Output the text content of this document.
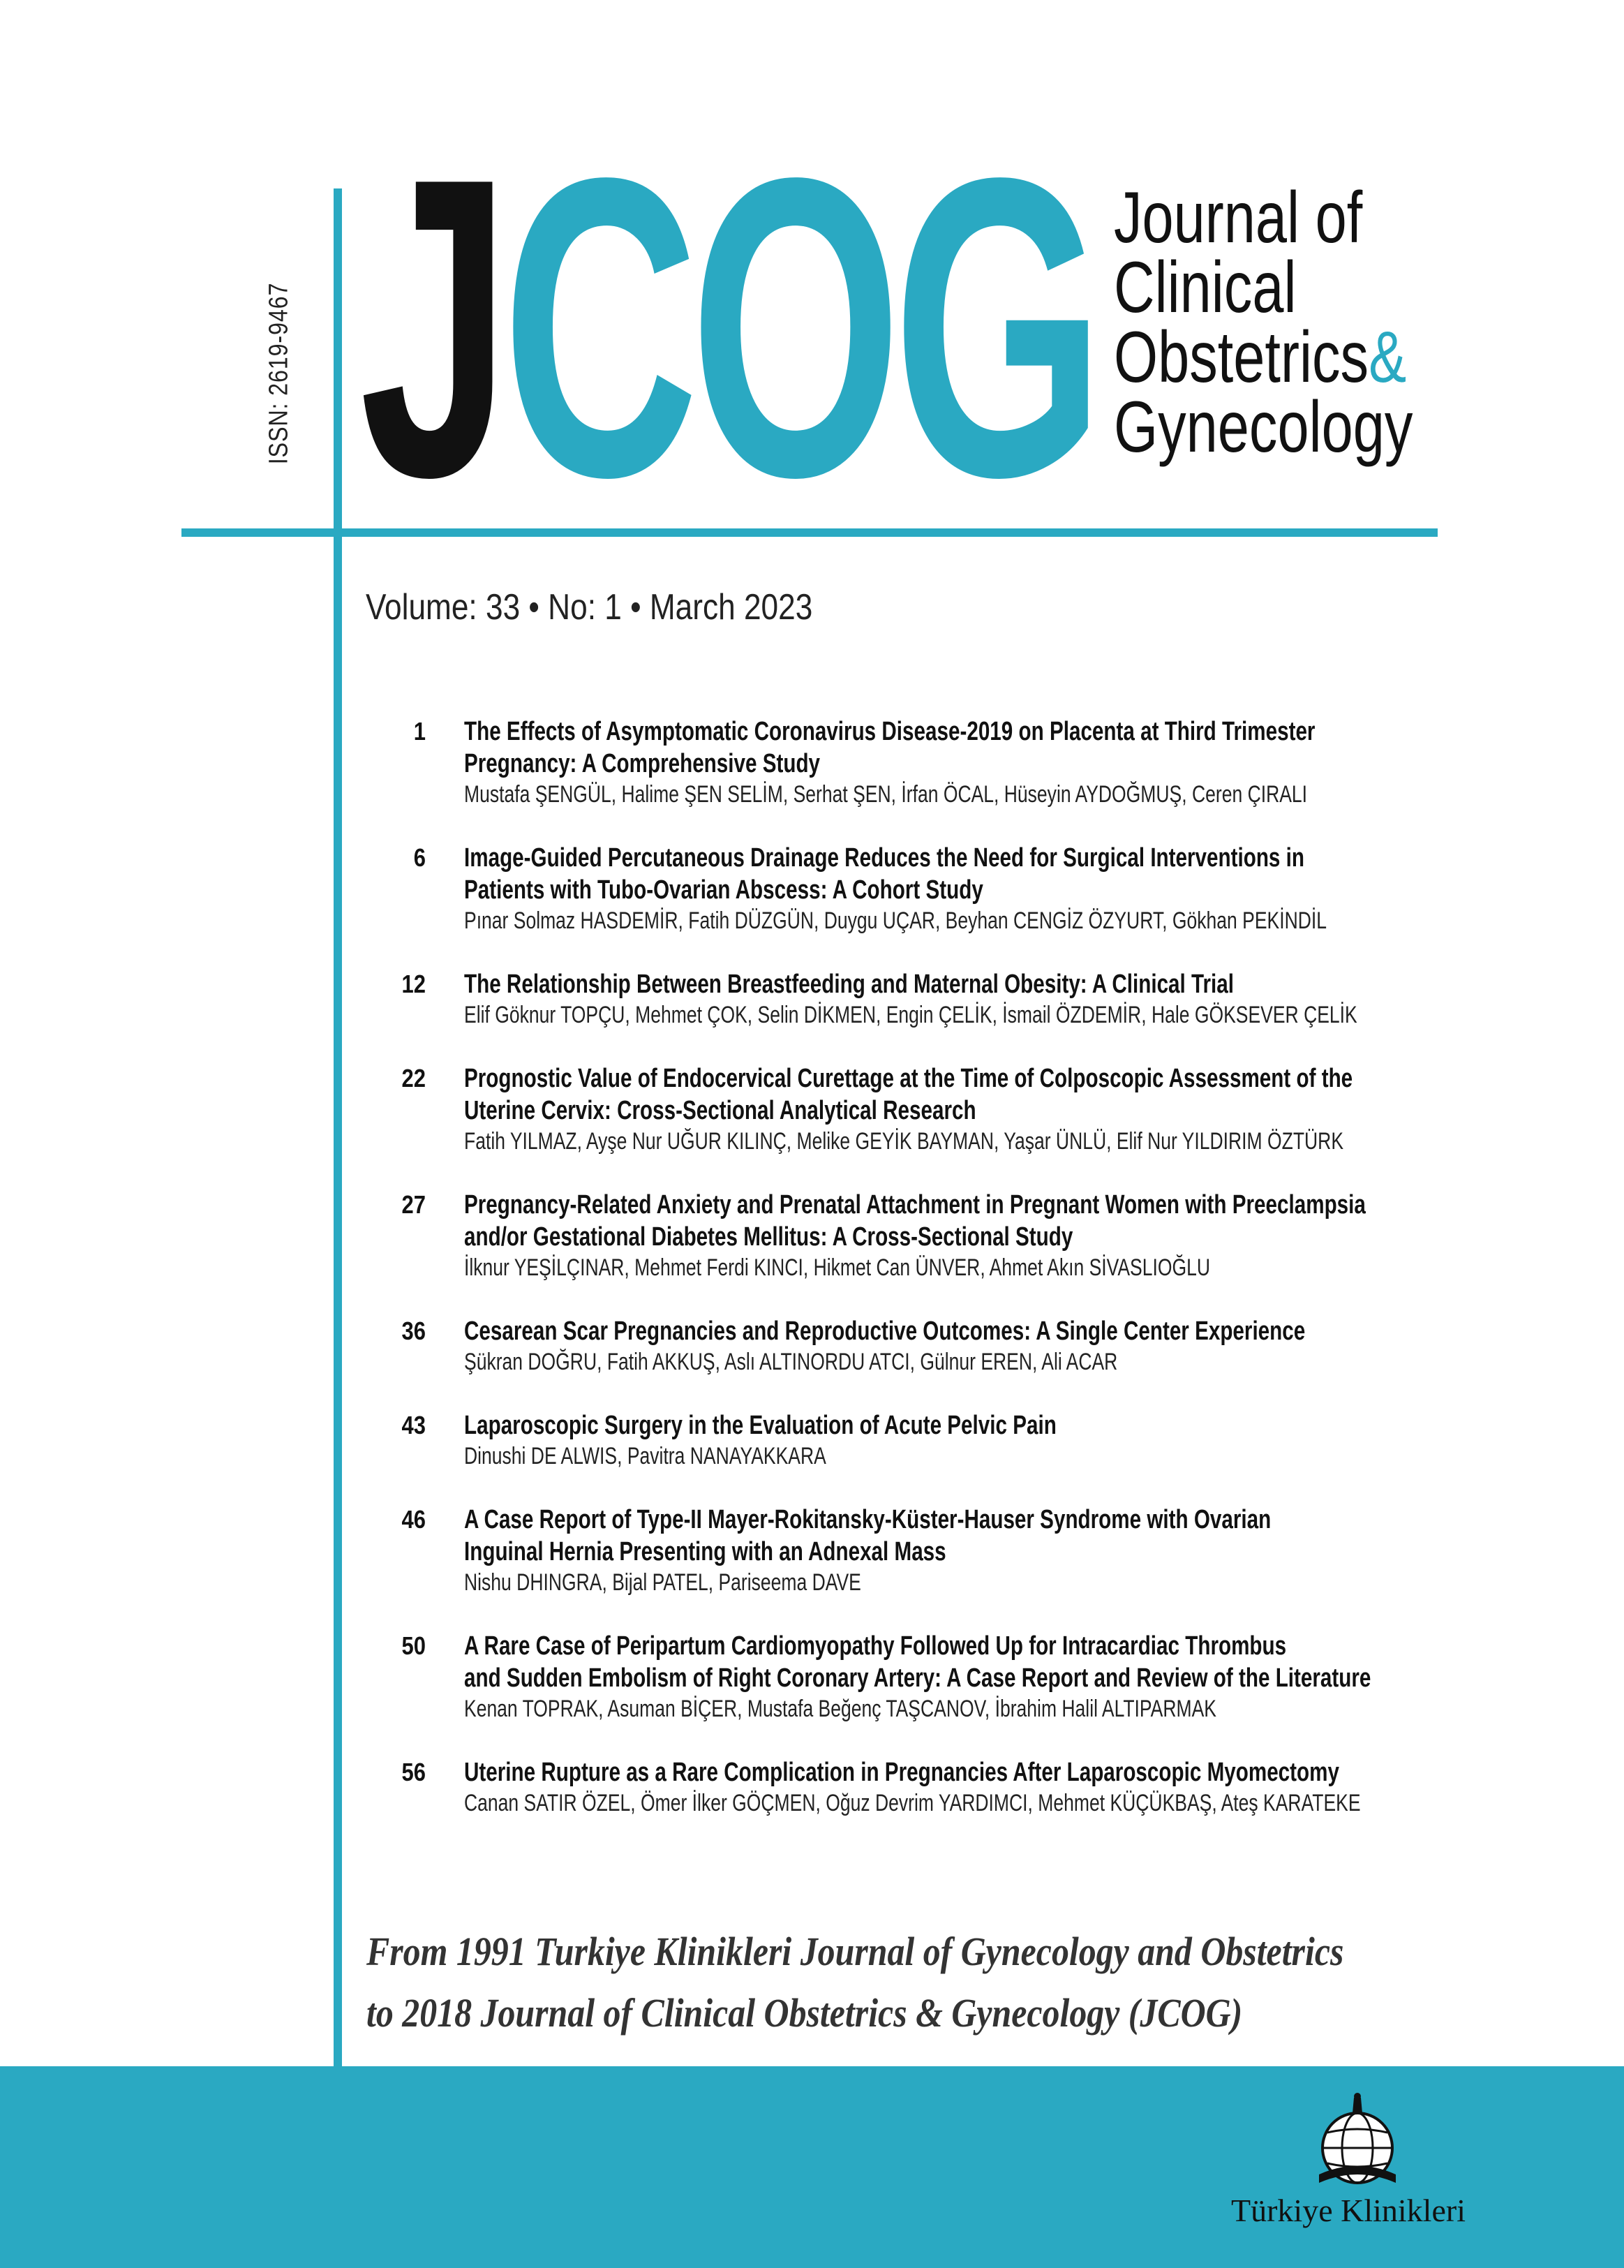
ISSN: 2619-9467 JCOG Journal of
Clinical
Obstetrics&
Gynecology
Volume: 33 • No: 1 • March 2023
1 The Effects of Asymptomatic Coronavirus Disease-2019 on Placenta at Third Trimester
Pregnancy: A Comprehensive Study
Mustafa ŞENGÜL, Halime ŞEN SELİM, Serhat ŞEN, İrfan ÖCAL, Hüseyin AYDOĞMUŞ, Ceren ÇIRALI
6 Image-Guided Percutaneous Drainage Reduces the Need for Surgical Interventions in
Patients with Tubo-Ovarian Abscess: A Cohort Study
Pınar Solmaz HASDEMİR, Fatih DÜZGÜN, Duygu UÇAR, Beyhan CENGİZ ÖZYURT, Gökhan PEKİNDİL
12 The Relationship Between Breastfeeding and Maternal Obesity: A Clinical Trial
Elif Göknur TOPÇU, Mehmet ÇOK, Selin DİKMEN, Engin ÇELİK, İsmail ÖZDEMİR, Hale GÖKSEVER ÇELİK
22 Prognostic Value of Endocervical Curettage at the Time of Colposcopic Assessment of the
Uterine Cervix: Cross-Sectional Analytical Research
Fatih YILMAZ, Ayşe Nur UĞUR KILINÇ, Melike GEYİK BAYMAN, Yaşar ÜNLÜ, Elif Nur YILDIRIM ÖZTÜRK
27 Pregnancy-Related Anxiety and Prenatal Attachment in Pregnant Women with Preeclampsia
and/or Gestational Diabetes Mellitus: A Cross-Sectional Study
İlknur YEŞİLÇINAR, Mehmet Ferdi KINCI, Hikmet Can ÜNVER, Ahmet Akın SİVASLIOĞLU
36 Cesarean Scar Pregnancies and Reproductive Outcomes: A Single Center Experience
Şükran DOĞRU, Fatih AKKUŞ, Aslı ALTINORDU ATCI, Gülnur EREN, Ali ACAR
43 Laparoscopic Surgery in the Evaluation of Acute Pelvic Pain
Dinushi DE ALWIS, Pavitra NANAYAKKARA
46 A Case Report of Type-II Mayer-Rokitansky-Küster-Hauser Syndrome with Ovarian
Inguinal Hernia Presenting with an Adnexal Mass
Nishu DHINGRA, Bijal PATEL, Pariseema DAVE
50 A Rare Case of Peripartum Cardiomyopathy Followed Up for Intracardiac Thrombus
and Sudden Embolism of Right Coronary Artery: A Case Report and Review of the Literature
Kenan TOPRAK, Asuman BİÇER, Mustafa Beğenç TAŞCANOV, İbrahim Halil ALTIPARMAK
56 Uterine Rupture as a Rare Complication in Pregnancies After Laparoscopic Myomectomy
Canan SATIR ÖZEL, Ömer İlker GÖÇMEN, Oğuz Devrim YARDIMCI, Mehmet KÜÇÜKBAŞ, Ateş KARATEKE
From 1991 Turkiye Klinikleri Journal of Gynecology and Obstetrics
to 2018 Journal of Clinical Obstetrics & Gynecology (JCOG)
Türkiye Klinikleri
